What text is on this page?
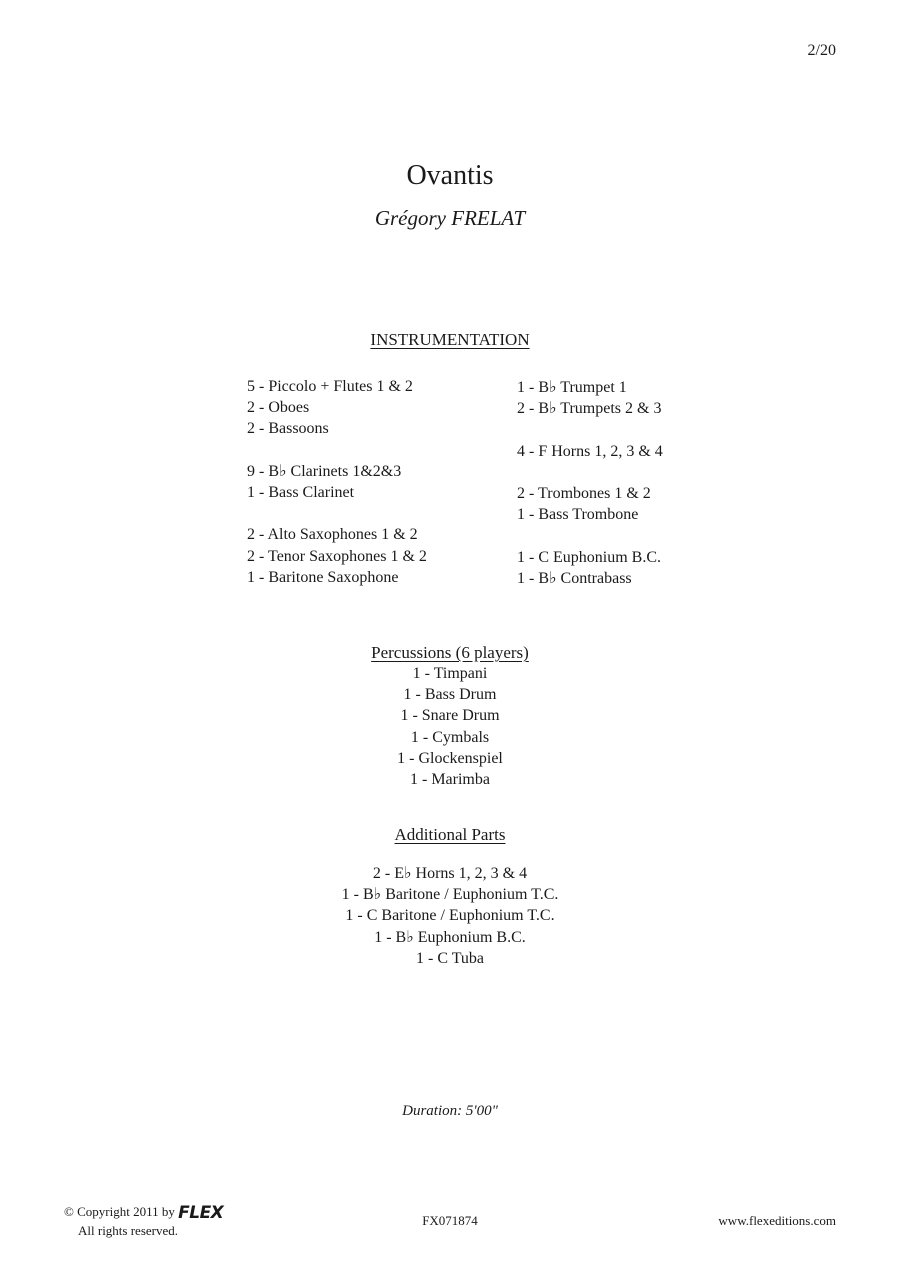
2/20
Ovantis
Grégory FRELAT
INSTRUMENTATION
5 - Piccolo + Flutes 1 & 2
2 - Oboes
2 - Bassoons
9 - B♭ Clarinets 1&2&3
1 - Bass Clarinet
2 - Alto Saxophones 1 & 2
2 - Tenor Saxophones 1 & 2
1 - Baritone Saxophone
1 - B♭ Trumpet 1
2 - B♭ Trumpets 2 & 3
4 - F Horns 1, 2, 3 & 4
2 - Trombones 1 & 2
1 - Bass Trombone
1 - C Euphonium B.C.
1 - B♭ Contrabass
Percussions (6 players)
1 - Timpani
1 - Bass Drum
1 - Snare Drum
1 - Cymbals
1 - Glockenspiel
1 - Marimba
Additional Parts
2 - E♭ Horns 1, 2, 3 & 4
1 - B♭ Baritone / Euphonium T.C.
1 - C Baritone / Euphonium T.C.
1 - B♭ Euphonium B.C.
1 - C Tuba
Duration: 5'00"
© Copyright 2011 by FLEX
All rights reserved.
FX071874	www.flexeditions.com
